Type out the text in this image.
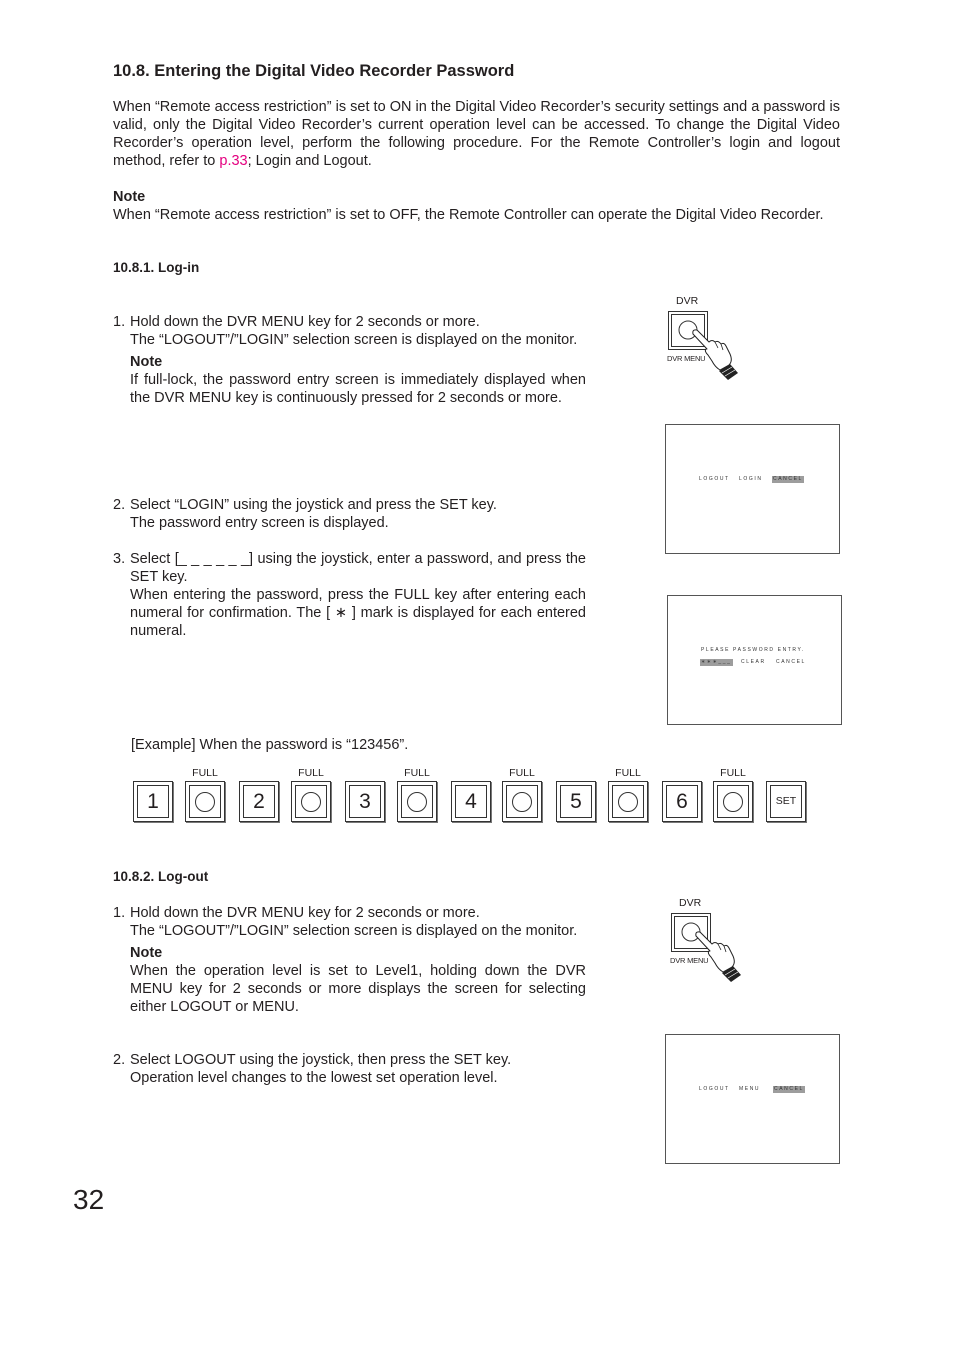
10.8. Entering the Digital Video Recorder Password

When “Remote access restriction” is set to ON in the Digital Video Recorder’s security settings and a password is valid, only the Digital Video Recorder’s current operation level can be accessed. To change the Digital Video Recorder’s operation level, perform the following procedure. For the Remote Controller’s login and logout method, refer to p.33; Login and Logout.

Note

When “Remote access restriction” is set to OFF, the Remote Controller can operate the Digital Video Recorder.

10.8.1. Log-in
1. Hold down the DVR MENU key for 2 seconds or more.

The “LOGOUT”/”LOGIN” selection screen is displayed on the monitor.

Note

If full-lock, the password entry screen is immediately displayed when the DVR MENU key is continuously pressed for 2 seconds or more.

2. Select “LOGIN” using the joystick and press the SET key.

The password entry screen is displayed.

3. Select [_ _ _ _ _ _] using the joystick, enter a password, and press the SET key.

When entering the password, press the FULL key after entering each numeral for confirmation. The [ ∗ ] mark is displayed for each entered numeral.

[Example] When the password is “123456”.
1
FULL
2
FULL
3
FULL
4
FULL
5
FULL
6
FULL
SET
DVR
DVR MENU
LOGOUT LOGIN CANCEL
PLEASE PASSWORD ENTRY.
∗∗∗___ CLEAR CANCEL
10.8.2. Log-out
1. Hold down the DVR MENU key for 2 seconds or more.

The “LOGOUT”/”LOGIN” selection screen is displayed on the monitor.

Note

When the operation level is set to Level1, holding down the DVR MENU key for 2 seconds or more displays the screen for selecting either LOGOUT or MENU.

2. Select LOGOUT using the joystick, then press the SET key.

Operation level changes to the lowest set operation level.

DVR
DVR MENU
LOGOUT MENU	CANCEL
32
